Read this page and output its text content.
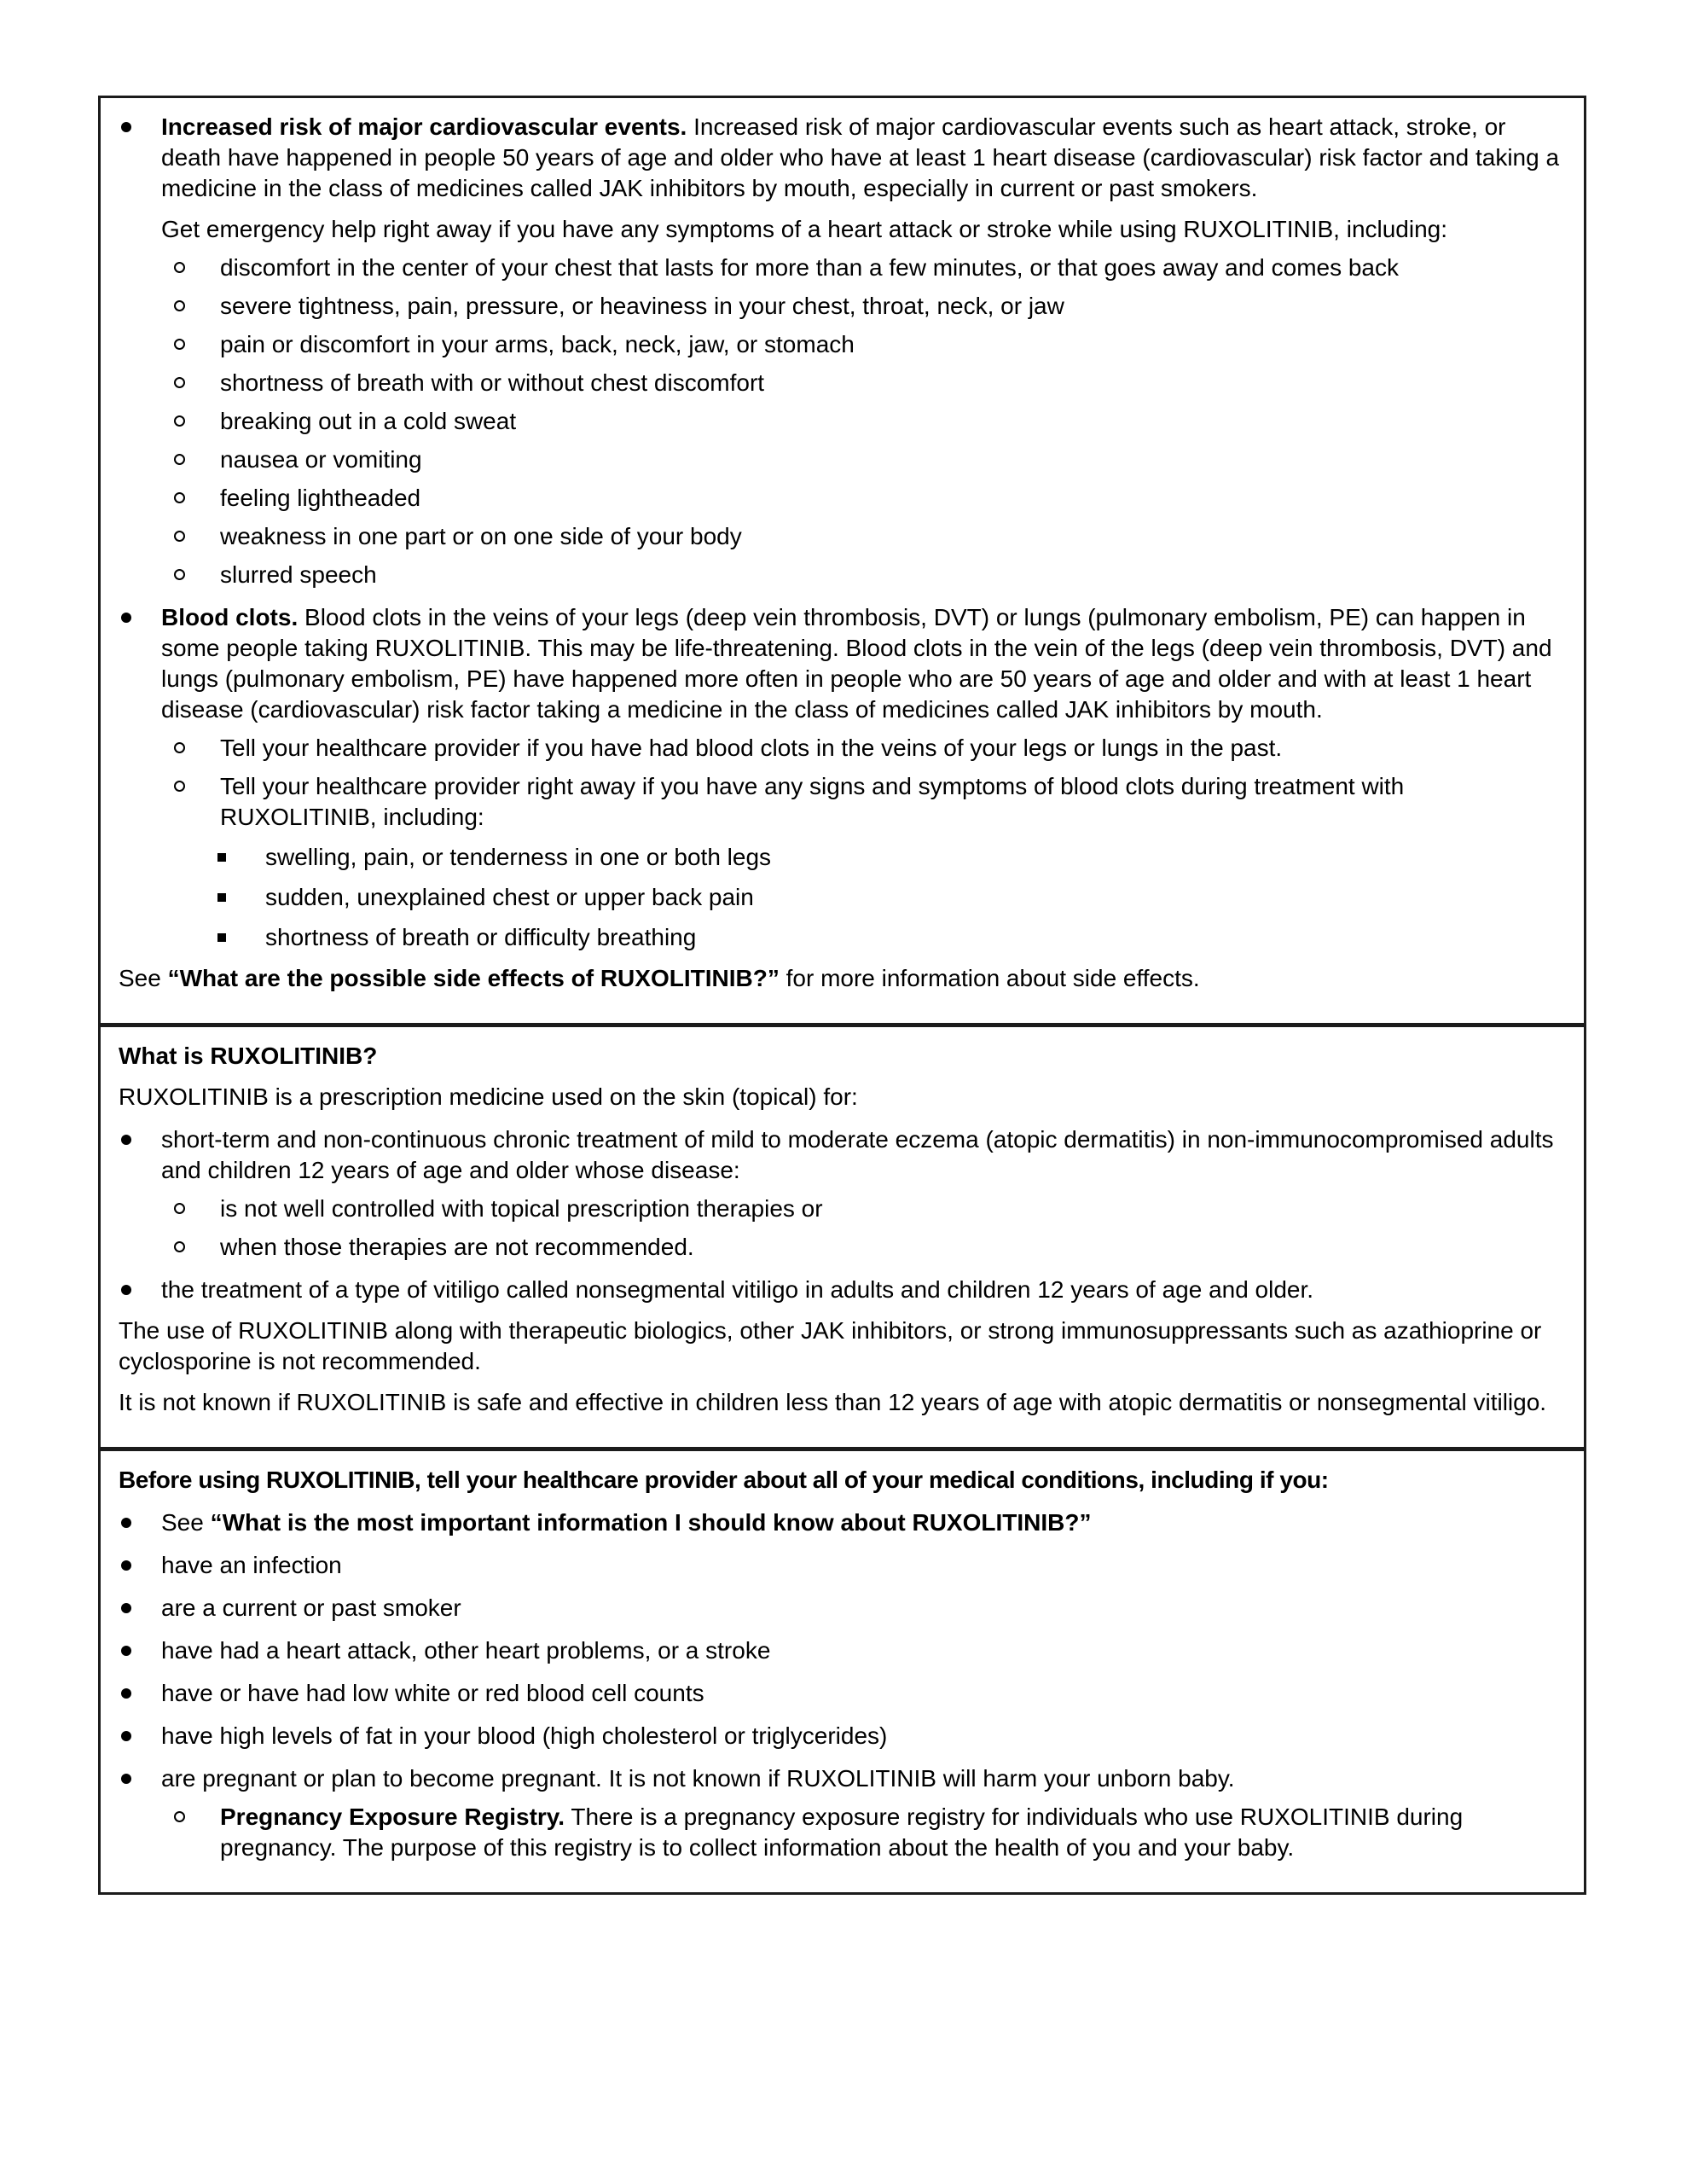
Increased risk of major cardiovascular events. Increased risk of major cardiovascular events such as heart attack, stroke, or death have happened in people 50 years of age and older who have at least 1 heart disease (cardiovascular) risk factor and taking a medicine in the class of medicines called JAK inhibitors by mouth, especially in current or past smokers.

Get emergency help right away if you have any symptoms of a heart attack or stroke while using RUXOLITINIB, including:

discomfort in the center of your chest that lasts for more than a few minutes, or that goes away and comes back
severe tightness, pain, pressure, or heaviness in your chest, throat, neck, or jaw
pain or discomfort in your arms, back, neck, jaw, or stomach
shortness of breath with or without chest discomfort
breaking out in a cold sweat
nausea or vomiting
feeling lightheaded
weakness in one part or on one side of your body
slurred speech
Blood clots. Blood clots in the veins of your legs (deep vein thrombosis, DVT) or lungs (pulmonary embolism, PE) can happen in some people taking RUXOLITINIB. This may be life-threatening. Blood clots in the vein of the legs (deep vein thrombosis, DVT) and lungs (pulmonary embolism, PE) have happened more often in people who are 50 years of age and older and with at least 1 heart disease (cardiovascular) risk factor taking a medicine in the class of medicines called JAK inhibitors by mouth.
Tell your healthcare provider if you have had blood clots in the veins of your legs or lungs in the past.
Tell your healthcare provider right away if you have any signs and symptoms of blood clots during treatment with RUXOLITINIB, including:
swelling, pain, or tenderness in one or both legs
sudden, unexplained chest or upper back pain
shortness of breath or difficulty breathing

See “What are the possible side effects of RUXOLITINIB?” for more information about side effects.

What is RUXOLITINIB?

RUXOLITINIB is a prescription medicine used on the skin (topical) for:

short-term and non-continuous chronic treatment of mild to moderate eczema (atopic dermatitis) in non-immunocompromised adults and children 12 years of age and older whose disease:
is not well controlled with topical prescription therapies or
when those therapies are not recommended.
the treatment of a type of vitiligo called nonsegmental vitiligo in adults and children 12 years of age and older.

The use of RUXOLITINIB along with therapeutic biologics, other JAK inhibitors, or strong immunosuppressants such as azathioprine or cyclosporine is not recommended.

It is not known if RUXOLITINIB is safe and effective in children less than 12 years of age with atopic dermatitis or nonsegmental vitiligo.

Before using RUXOLITINIB, tell your healthcare provider about all of your medical conditions, including if you:

See “What is the most important information I should know about RUXOLITINIB?”
have an infection
are a current or past smoker
have had a heart attack, other heart problems, or a stroke
have or have had low white or red blood cell counts
have high levels of fat in your blood (high cholesterol or triglycerides)
are pregnant or plan to become pregnant. It is not known if RUXOLITINIB will harm your unborn baby.
Pregnancy Exposure Registry. There is a pregnancy exposure registry for individuals who use RUXOLITINIB during pregnancy. The purpose of this registry is to collect information about the health of you and your baby.
